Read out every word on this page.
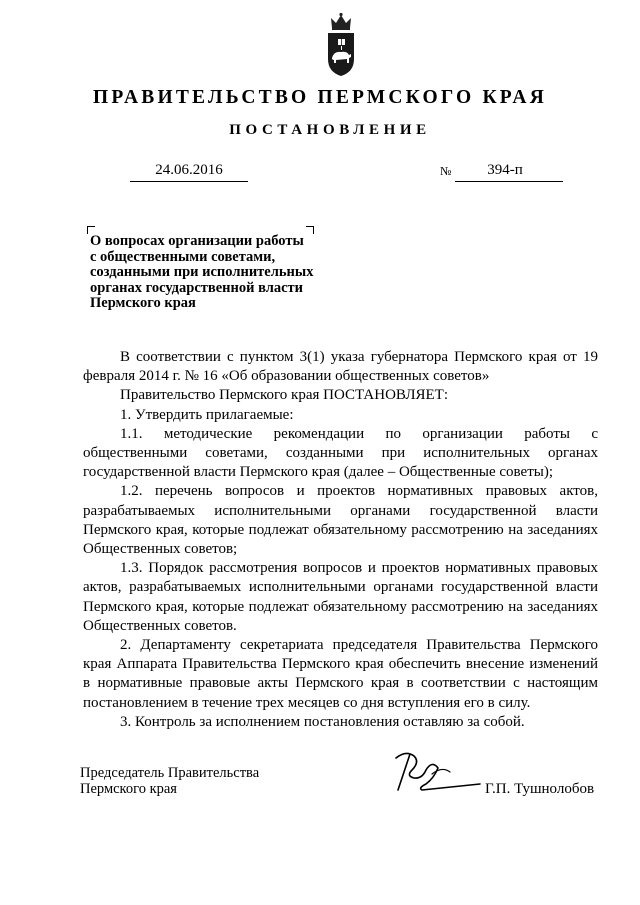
ПРАВИТЕЛЬСТВО ПЕРМСКОГО КРАЯ
ПОСТАНОВЛЕНИЕ
24.06.2016	№	394-п
О вопросах организации работы
с общественными советами,
созданными при исполнительных
органах государственной власти
Пермского края

В соответствии с пунктом 3(1) указа губернатора Пермского края от 19 февраля 2014 г. № 16 «Об образовании общественных советов»

Правительство Пермского края ПОСТАНОВЛЯЕТ:

1. Утвердить прилагаемые:

1.1. методические рекомендации по организации работы с общественными советами, созданными при исполнительных органах государственной власти Пермского края (далее – Общественные советы);

1.2. перечень вопросов и проектов нормативных правовых актов, разрабатываемых исполнительными органами государственной власти Пермского края, которые подлежат обязательному рассмотрению на заседаниях Общественных советов;

1.3. Порядок рассмотрения вопросов и проектов нормативных правовых актов, разрабатываемых исполнительными органами государственной власти Пермского края, которые подлежат обязательному рассмотрению на заседаниях Общественных советов.

2. Департаменту секретариата председателя Правительства Пермского края Аппарата Правительства Пермского края обеспечить внесение изменений в нормативные правовые акты Пермского края в соответствии с настоящим постановлением в течение трех месяцев со дня вступления его в силу.

3. Контроль за исполнением постановления оставляю за собой.

Председатель Правительства
Пермского края	Г.П. Тушнолобов
